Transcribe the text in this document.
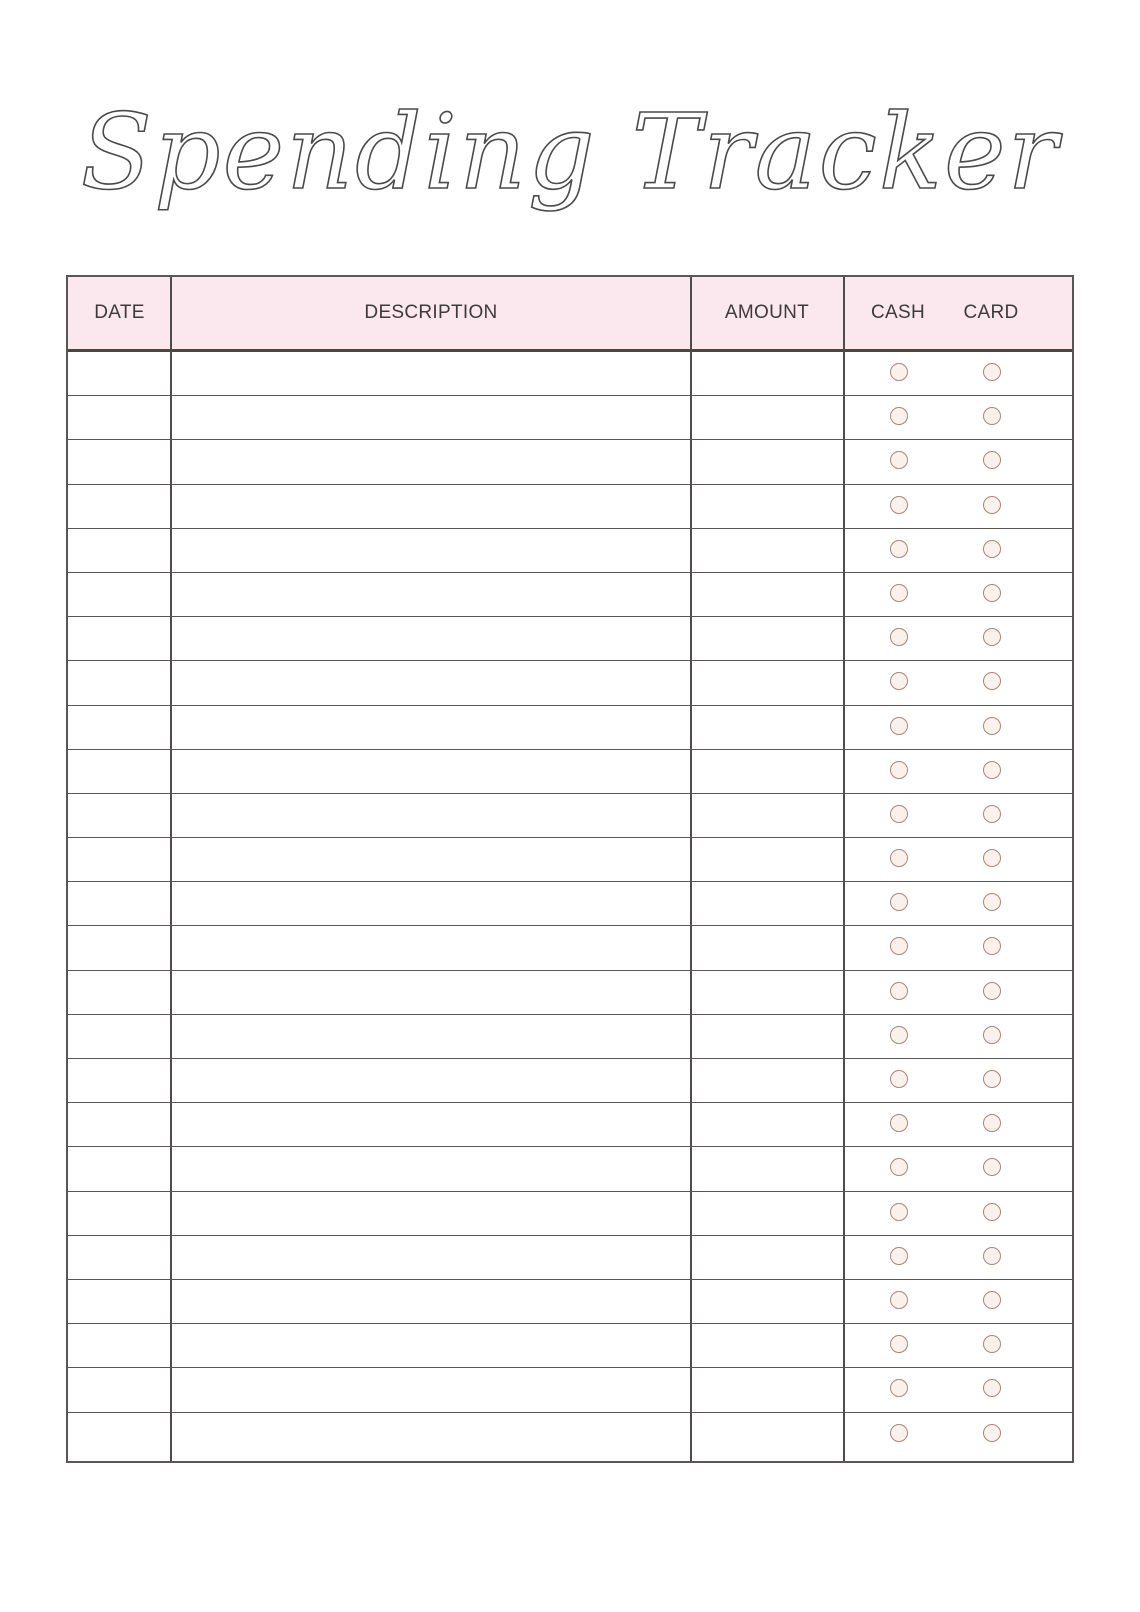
Spending Tracker
DATE	DESCRIPTION	AMOUNT	CASH	CARD
